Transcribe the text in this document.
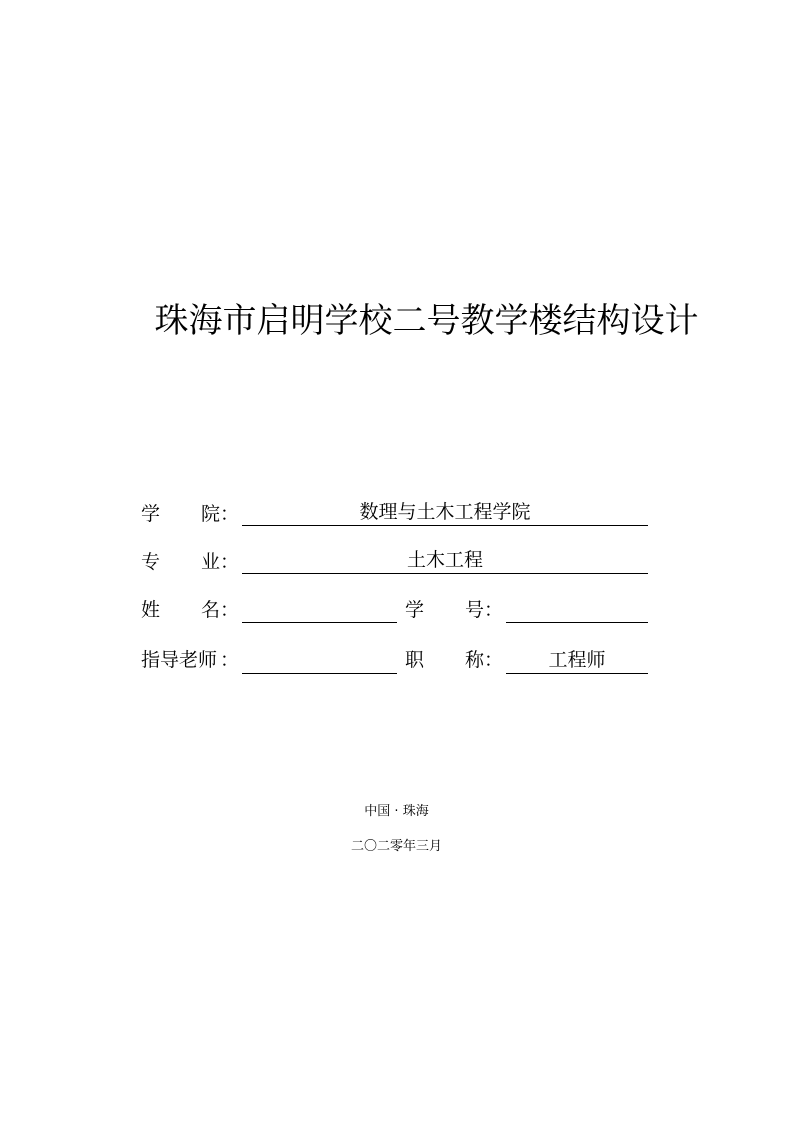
珠海市启明学校二号教学楼结构设计
学 院 ：	数理与土木工程学院
专 业 ：	土木工程
姓 名 ：	学 号 ：
指导老师 ：	职 称 ：	工程师
中国 · 珠海
二〇二零年三月
